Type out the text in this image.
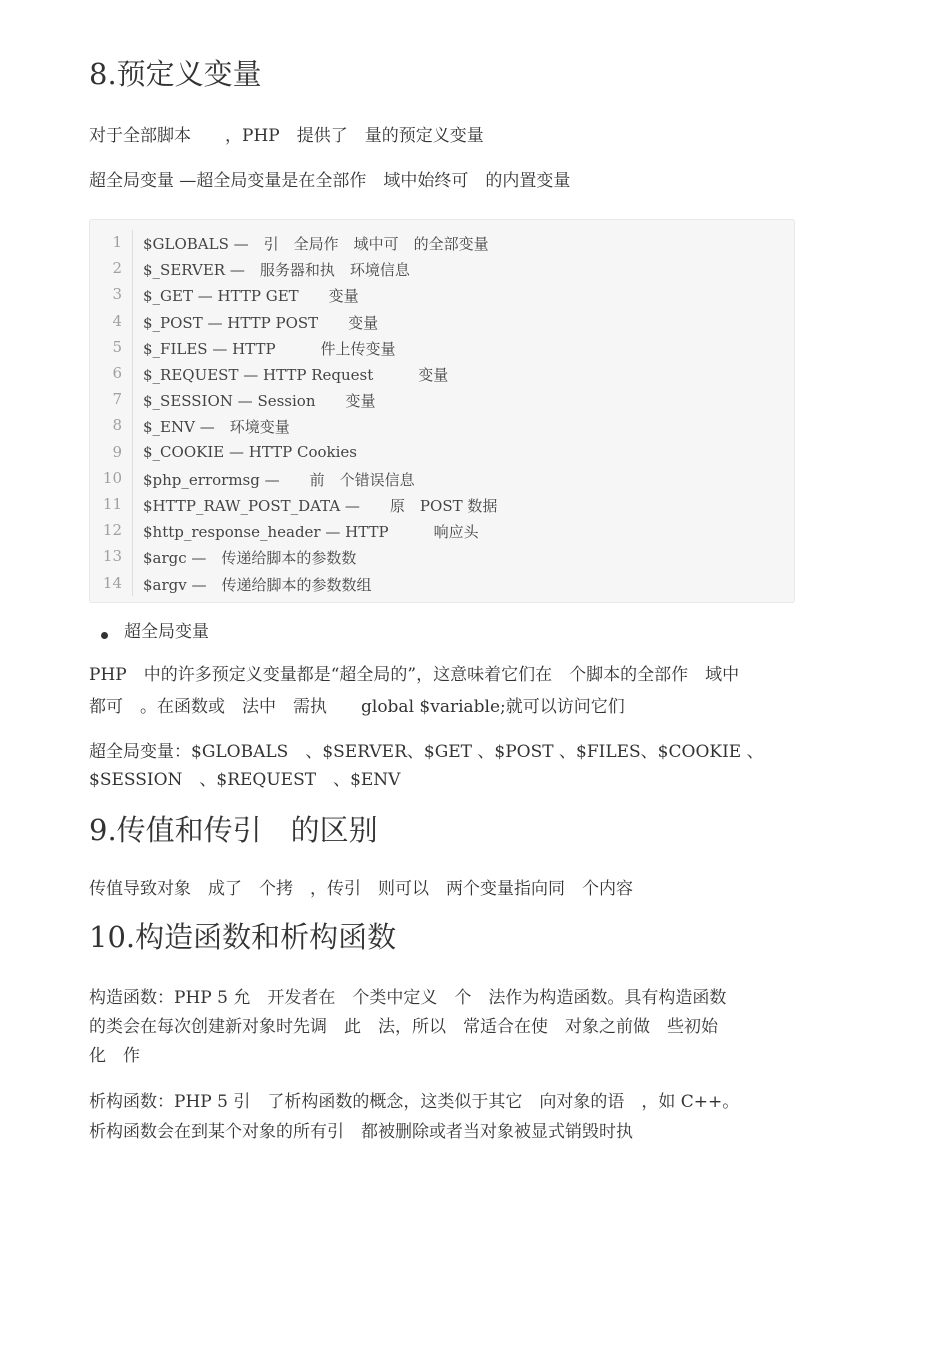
8.预定义变量

对于全部脚本　　，PHP　提供了　量的预定义变量

超全局变量 —超全局变量是在全部作　域中始终可　的内置变量

1 $GLOBALS —　引　全局作　域中可　的全部变量
2 $_SERVER —　服务器和执　环境信息
3 $_GET — HTTP GET　　变量
4 $_POST — HTTP POST　　变量
5 $_FILES — HTTP　　　件上传变量
6 $_REQUEST — HTTP Request　　　变量
7 $_SESSION — Session　　变量
8 $_ENV —　环境变量
9 $_COOKIE — HTTP Cookies
10 $php_errormsg —　　前　个错误信息
11 $HTTP_RAW_POST_DATA —　　原　POST 数据
12 $http_response_header — HTTP　　　响应头
13 $argc —　传递给脚本的参数数
14 $argv —　传递给脚本的参数数组

超全局变量

PHP　中的许多预定义变量都是“超全局的”，这意味着它们在　个脚本的全部作　域中

都可　。在函数或　法中　需执　　global $variable;就可以访问它们

超全局变量：$GLOBALS　、$SERVER、$GET 、$POST 、$FILES、$COOKIE 、

$SESSION　、$REQUEST　、$ENV

9.传值和传引　的区别

传值导致对象　成了　个拷　，传引　则可以　两个变量指向同　个内容

10.构造函数和析构函数

构造函数：PHP 5 允　开发者在　个类中定义　个　法作为构造函数。具有构造函数

的类会在每次创建新对象时先调　此　法，所以　常适合在使　对象之前做　些初始

化　作

析构函数：PHP 5 引　了析构函数的概念，这类似于其它　向对象的语　，如 C++。

析构函数会在到某个对象的所有引　都被删除或者当对象被显式销毁时执
